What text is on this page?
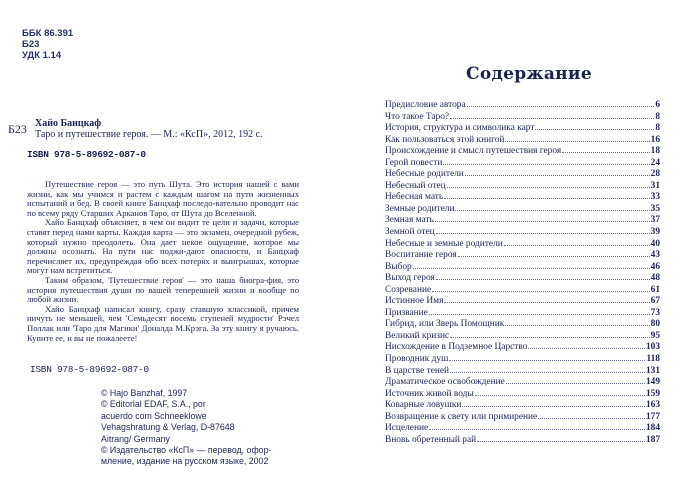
ББК 86.391
Б23
УДК 1.14
Б23 Хайо Банцкаф
Таро и путешествие героя. — М.: «КсП», 2012, 192 с.
ISBN 978-5-89692-087-0

Путешествие героя — это путь Шута. Это история нашей с вами жизни, как мы учимся и растем с каждым шагом на пути жизненных испытаний и бед. В своей книге Банцхаф последо-вательно проводит нас по всему ряду Старших Арканов Таро, от Шута до Вселенной.

Хайо Банцхаф объясняет, в чем он видит те цели и задачи, которые ставят перед нами карты. Каждая карта — это экзамен, очередной рубеж, который нужно преодолеть. Она дает некое ощущение, которое мы должны осознать. На пути нас поджи-дают опасности, и Банцхаф перечисляет их, предупреждая обо всех потерях и выигрышах, которые могут нам встретиться.

Таким образом, 'Путешествие героя' — это наша биогра-фия, это история путешествия души по вашей теперешней жизни и вообще по любой жизни.

Хайо Банцхаф написал книгу, сразу ставшую классикой, причем ничуть не меньшей, чем 'Семьдесят восемь ступеней мудрости' Рэчел Поллак или 'Таро для Магики' Доналда М.Крэга. За эту книгу я ручаюсь. Купите ее, и вы не пожалеете!

ISBN 978-5-89692-087-0
© Hajo Banzhaf, 1997
© Editorial EDAF, S.A., por
acuerdo com Schneeklowe
Vehagshratung & Verlag, D-87648
Aitrang/ Germany
© Издательство «КсП» — перевод, офор-
мление, издание на русском языке, 2002
Содержание
Предисловие автора	6
Что такое Таро?	8
История, структура и символика карт	8
Как пользоваться этой книгой	16
Происхождение и смысл путешествия героя	18
Герой повести	24
Небесные родители	28
Небесный отец	31
Небесная мать	33
Земные родители	35
Земная мать	37
Земной отец	39
Небесные и земные родители	40
Воспитание героя	43
Выбор	46
Выход героя	48
Созревание	61
Истинное Имя	67
Призвание	73
Гибрид, или Зверь Помощник	80
Великий кризис	95
Нисхождение в Подземное Царство	103
Проводник душ	118
В царстве теней	131
Драматическое освобождение	149
Источник живой воды	159
Коварные ловушки	163
Возвращение к свету или примирение	177
Исцеление	184
Вновь обретенный рай	187
